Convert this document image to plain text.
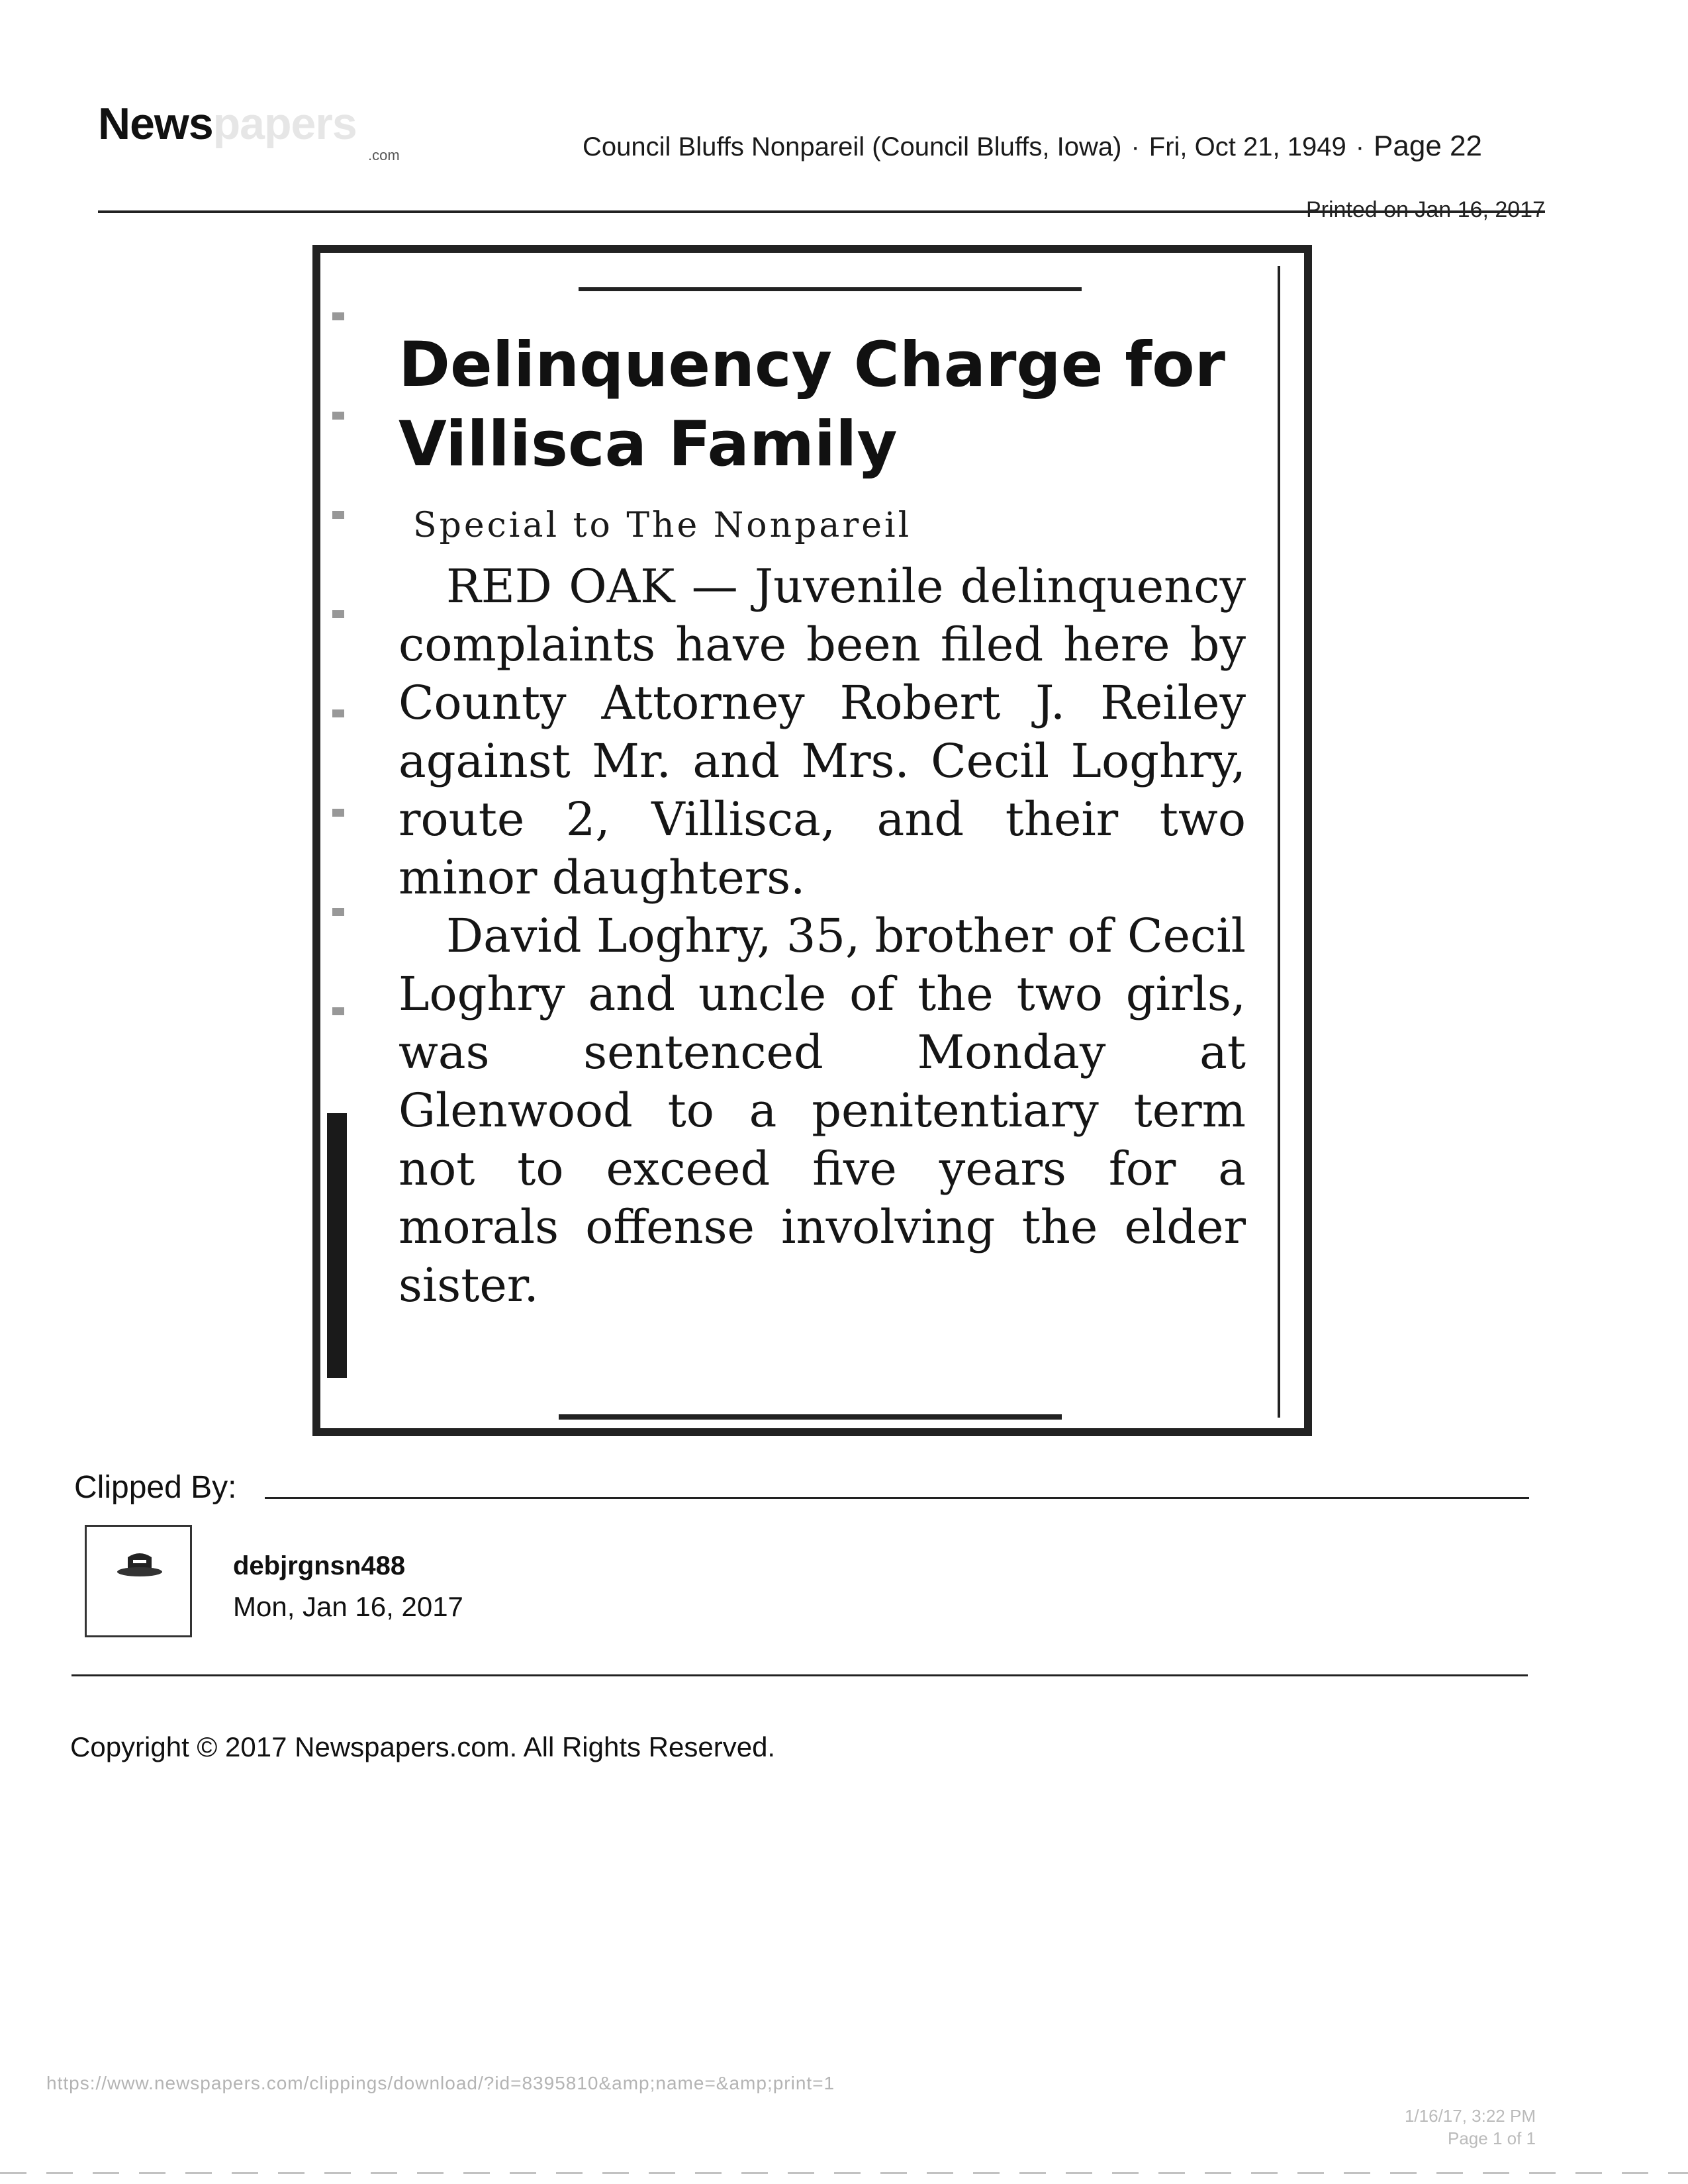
Newspapers
.com	Council Bluffs Nonpareil (Council Bluffs, Iowa) · Fri, Oct 21, 1949 · Page 22
Printed on Jan 16, 2017
Delinquency Charge for Villisca Family
Special to The Nonpareil

RED OAK — Juvenile delinquency complaints have been filed here by County Attorney Robert J. Reiley against Mr. and Mrs. Cecil Loghry, route 2, Villisca, and their two minor daughters.

David Loghry, 35, brother of Cecil Loghry and uncle of the two girls, was sentenced Monday at Glenwood to a penitentiary term not to exceed five years for a morals offense involving the elder sister.

Clipped By:
debjrgnsn488
Mon, Jan 16, 2017
Copyright © 2017 Newspapers.com. All Rights Reserved.
https://www.newspapers.com/clippings/download/?id=8395810&amp;name=&amp;print=1
1/16/17, 3:22 PM
Page 1 of 1
